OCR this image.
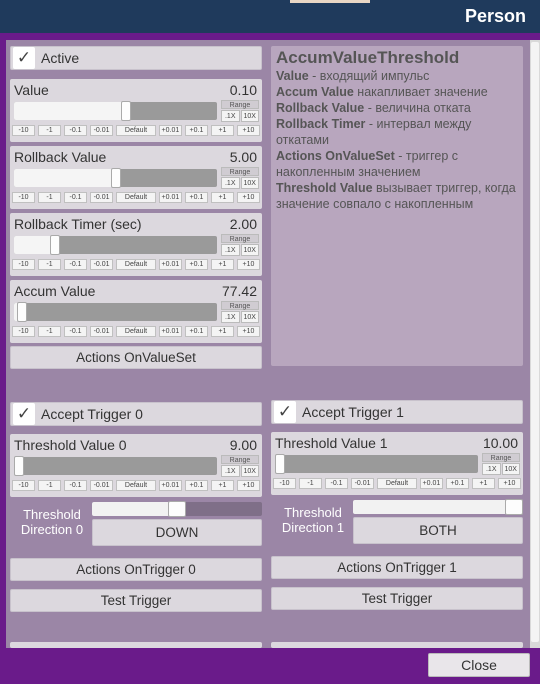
Person
✓ Active
Value	0.10
Range
.1X	10X
-10	-1	-0.1	-0.01	Default	+0.01	+0.1	+1	+10
Rollback Value	5.00
Range
.1X	10X
-10	-1	-0.1	-0.01	Default	+0.01	+0.1	+1	+10
Rollback Timer (sec)	2.00
Range
.1X	10X
-10	-1	-0.1	-0.01	Default	+0.01	+0.1	+1	+10
Accum Value	77.42
Range
.1X	10X
-10	-1	-0.1	-0.01	Default	+0.01	+0.1	+1	+10
Actions OnValueSet
AccumValueThreshold
Value - входящий импульс
Accum Value накапливает значение
Rollback Value - величина отката
Rollback Timer - интервал между откатами
Actions OnValueSet - триггер с накопленным значением
Threshold Value вызывает триггер, когда значение совпало с накопленным
✓ Accept Trigger 0
Threshold Value 0	9.00
Range
.1X	10X
-10	-1	-0.1	-0.01	Default	+0.01	+0.1	+1	+10
Threshold Direction 0	DOWN
Actions OnTrigger 0
Test Trigger
✓ Accept Trigger 1
Threshold Value 1	10.00
Range
.1X	10X
-10	-1	-0.1	-0.01	Default	+0.01	+0.1	+1	+10
Threshold Direction 1	BOTH
Actions OnTrigger 1
Test Trigger
Close
